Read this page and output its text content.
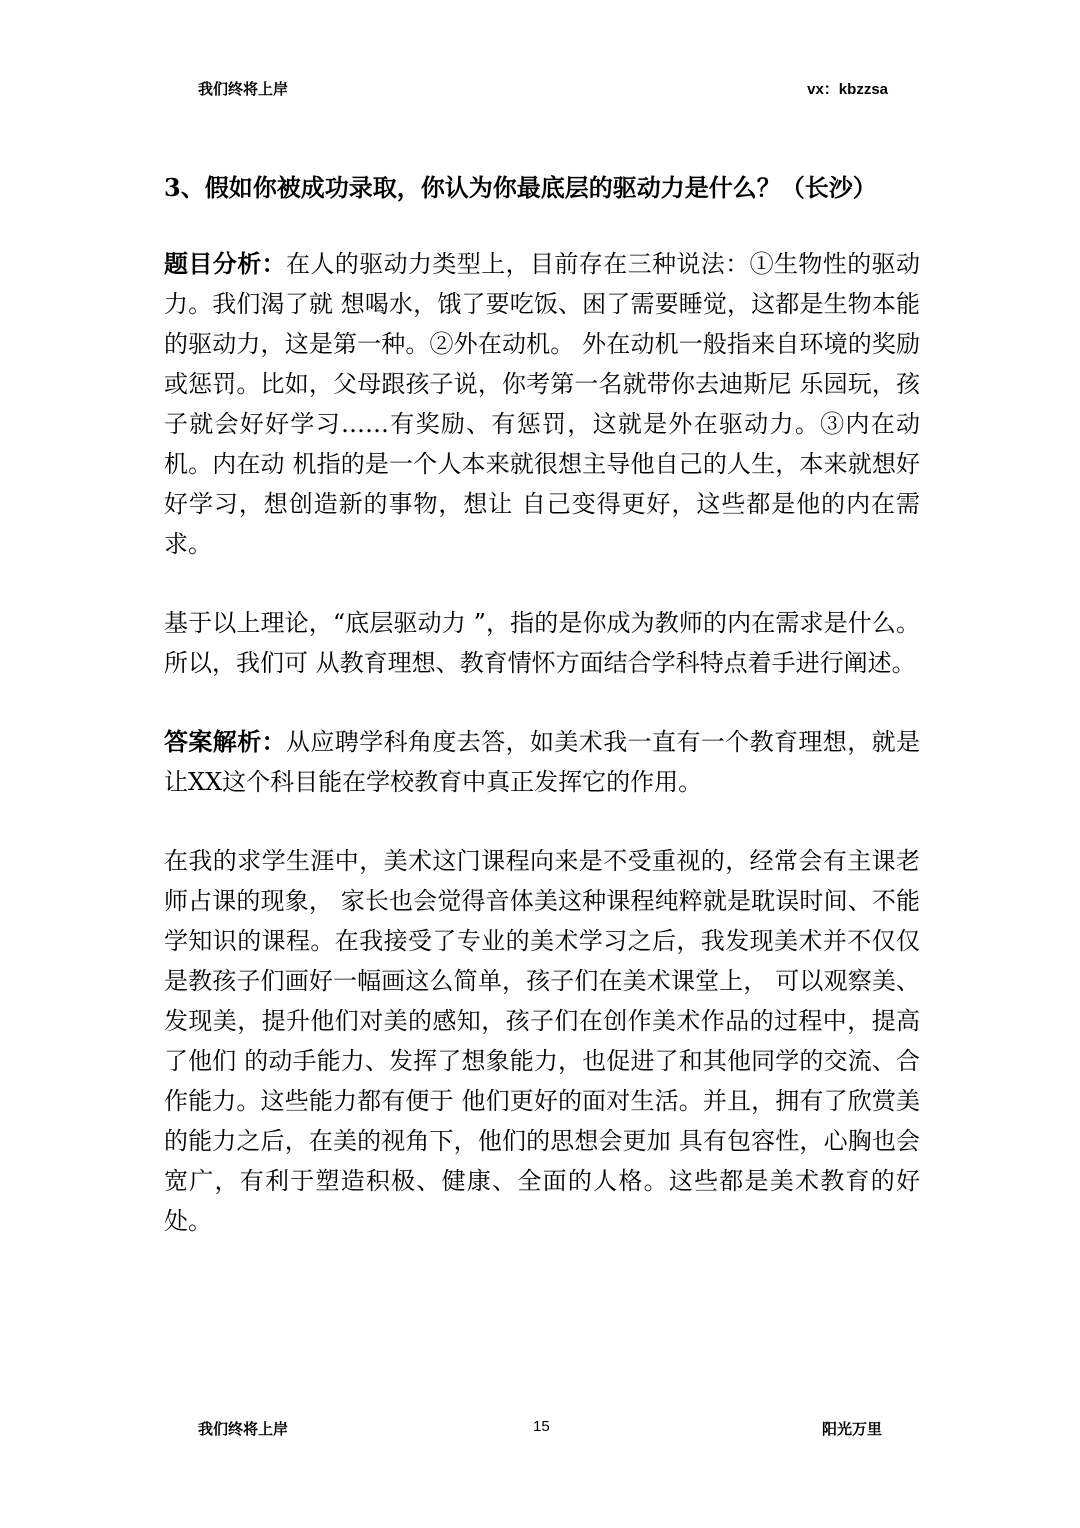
我们终将上岸	vx：kbzzsa
3、假如你被成功录取，你认为你最底层的驱动力是什么？（长沙）

题目分析：在人的驱动力类型上，目前存在三种说法：①生物性的驱动力。我们渴了就 想喝水，饿了要吃饭、困了需要睡觉，这都是生物本能的驱动力，这是第一种。②外在动机。 外在动机一般指来自环境的奖励或惩罚。比如，父母跟孩子说，你考第一名就带你去迪斯尼 乐园玩，孩子就会好好学习……有奖励、有惩罚，这就是外在驱动力。③内在动机。内在动 机指的是一个人本来就很想主导他自己的人生，本来就想好好学习，想创造新的事物，想让 自己变得更好，这些都是他的内在需求。

基于以上理论，“底层驱动力 ”，指的是你成为教师的内在需求是什么。所以，我们可 从教育理想、教育情怀方面结合学科特点着手进行阐述。

答案解析：从应聘学科角度去答，如美术我一直有一个教育理想，就是让XX这个科目能在学校教育中真正发挥它的作用。

在我的求学生涯中，美术这门课程向来是不受重视的，经常会有主课老师占课的现象， 家长也会觉得音体美这种课程纯粹就是耽误时间、不能学知识的课程。在我接受了专业的美术学习之后，我发现美术并不仅仅是教孩子们画好一幅画这么简单，孩子们在美术课堂上， 可以观察美、发现美，提升他们对美的感知，孩子们在创作美术作品的过程中，提高了他们 的动手能力、发挥了想象能力，也促进了和其他同学的交流、合作能力。这些能力都有便于 他们更好的面对生活。并且，拥有了欣赏美的能力之后，在美的视角下，他们的思想会更加 具有包容性，心胸也会宽广，有利于塑造积极、健康、全面的人格。这些都是美术教育的好处。

我们终将上岸	15	阳光万里
